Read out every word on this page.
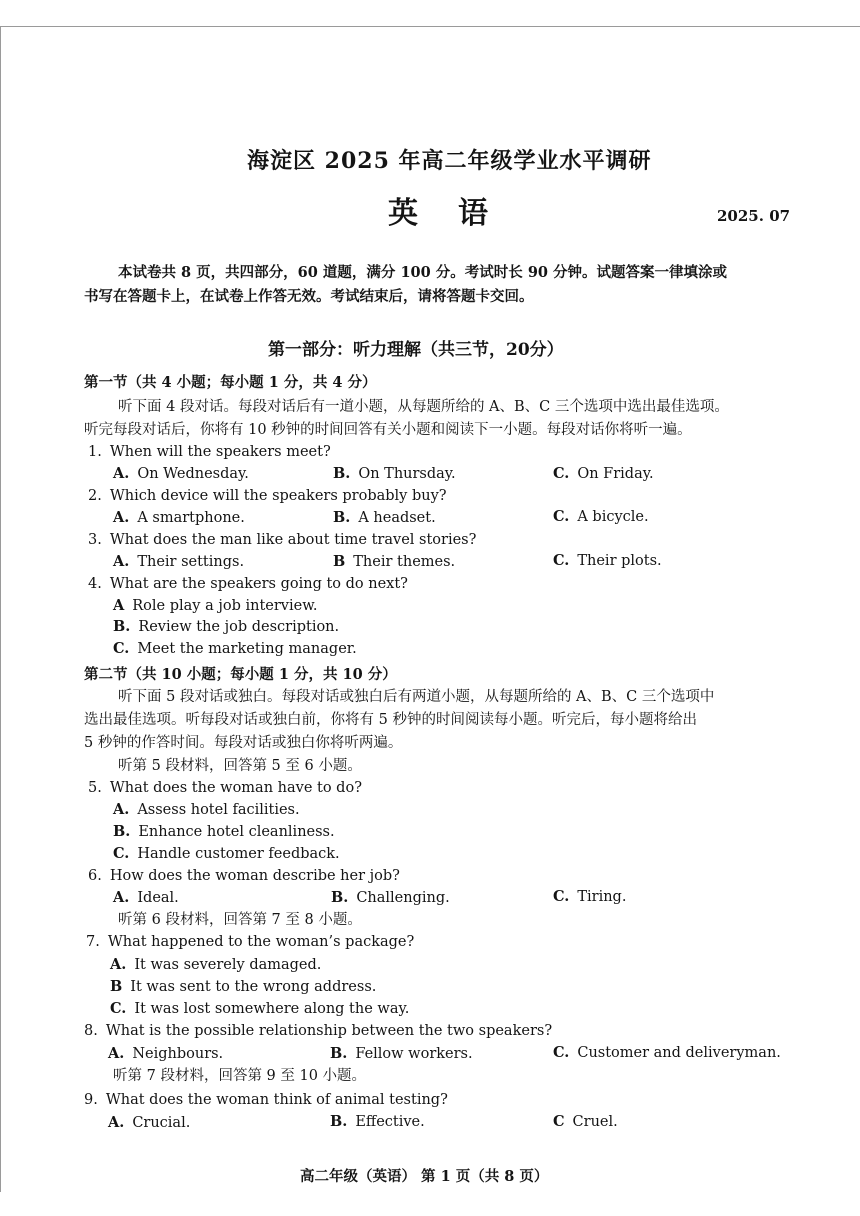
海淀区 2025 年高二年级学业水平调研
英 语	2025. 07
本试卷共 8 页，共四部分，60 道题，满分 100 分。考试时长 90 分钟。试题答案一律填涂或
书写在答题卡上，在试卷上作答无效。考试结束后，请将答题卡交回。
第一部分：听力理解（共三节，20分）
第一节（共 4 小题；每小题 1 分，共 4 分）
听下面 4 段对话。每段对话后有一道小题，从每题所给的 A、B、C 三个选项中选出最佳选项。
听完每段对话后，你将有 10 秒钟的时间回答有关小题和阅读下一小题。每段对话你将听一遍。
1. When will the speakers meet?
A. On Wednesday.	B. On Thursday.	C. On Friday.
2. Which device will the speakers probably buy?
A. A smartphone.	B. A headset.	C. A bicycle.
3. What does the man like about time travel stories?
A. Their settings.	B Their themes.	C. Their plots.
4. What are the speakers going to do next?
A Role play a job interview.
B. Review the job description.
C. Meet the marketing manager.
第二节（共 10 小题；每小题 1 分，共 10 分）
听下面 5 段对话或独白。每段对话或独白后有两道小题，从每题所给的 A、B、C 三个选项中
选出最佳选项。听每段对话或独白前，你将有 5 秒钟的时间阅读每小题。听完后，每小题将给出
5 秒钟的作答时间。每段对话或独白你将听两遍。
听第 5 段材料，回答第 5 至 6 小题。
5. What does the woman have to do?
A. Assess hotel facilities.
B. Enhance hotel cleanliness.
C. Handle customer feedback.
6. How does the woman describe her job?
A. Ideal.	B. Challenging.	C. Tiring.
听第 6 段材料，回答第 7 至 8 小题。
7. What happened to the woman’s package?
A. It was severely damaged.
B It was sent to the wrong address.
C. It was lost somewhere along the way.
8. What is the possible relationship between the two speakers?
A. Neighbours.	B. Fellow workers.	C. Customer and deliveryman.
听第 7 段材料，回答第 9 至 10 小题。
9. What does the woman think of animal testing?
A. Crucial.	B. Effective.	C Cruel.
高二年级（英语） 第 1 页（共 8 页）
